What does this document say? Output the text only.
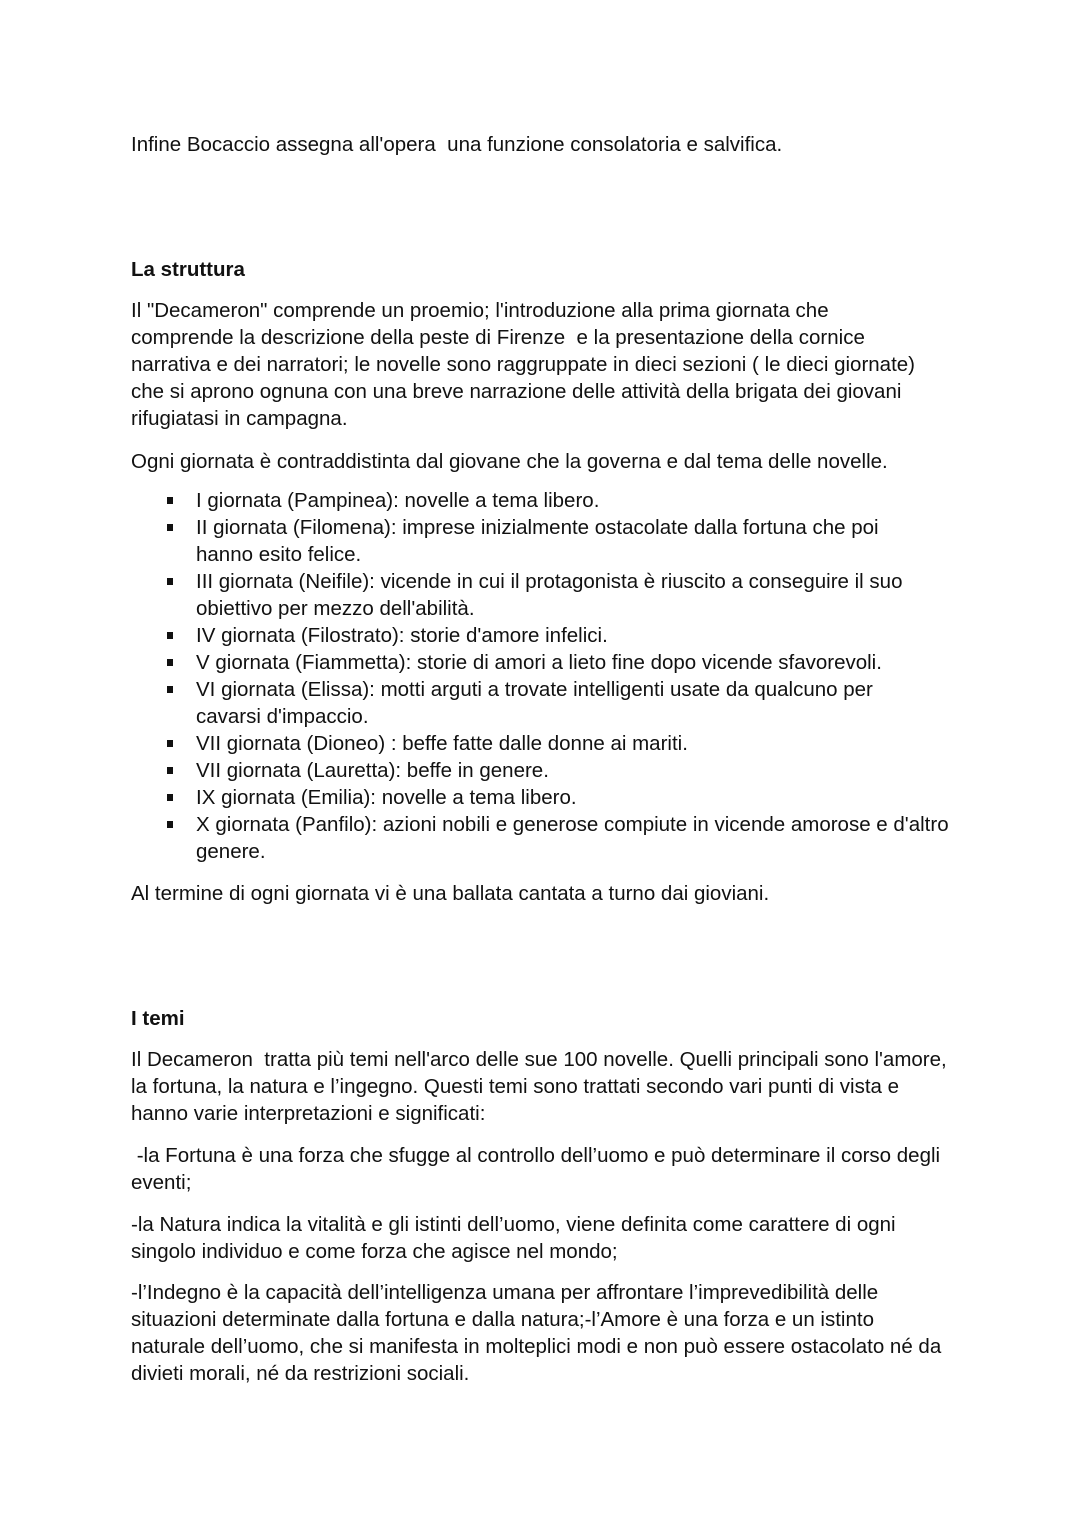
Infine Bocaccio assegna all'opera  una funzione consolatoria e salvifica.

La struttura

Il "Decameron" comprende un proemio; l'introduzione alla prima giornata che comprende la descrizione della peste di Firenze  e la presentazione della cornice narrativa e dei narratori; le novelle sono raggruppate in dieci sezioni ( le dieci giornate) che si aprono ognuna con una breve narrazione delle attività della brigata dei giovani rifugiatasi in campagna.

Ogni giornata è contraddistinta dal giovane che la governa e dal tema delle novelle.

I giornata (Pampinea): novelle a tema libero.
II giornata (Filomena): imprese inizialmente ostacolate dalla fortuna che poi hanno esito felice.
III giornata (Neifile): vicende in cui il protagonista è riuscito a conseguire il suo obiettivo per mezzo dell'abilità.
IV giornata (Filostrato): storie d'amore infelici.
V giornata (Fiammetta): storie di amori a lieto fine dopo vicende sfavorevoli.
VI giornata (Elissa): motti arguti a trovate intelligenti usate da qualcuno per cavarsi d'impaccio.
VII giornata (Dioneo) : beffe fatte dalle donne ai mariti.
VII giornata (Lauretta): beffe in genere.
IX giornata (Emilia): novelle a tema libero.
X giornata (Panfilo): azioni nobili e generose compiute in vicende amorose e d'altro genere.

Al termine di ogni giornata vi è una ballata cantata a turno dai gioviani.

I temi

Il Decameron  tratta più temi nell'arco delle sue 100 novelle. Quelli principali sono l'amore, la fortuna, la natura e l’ingegno. Questi temi sono trattati secondo vari punti di vista e hanno varie interpretazioni e significati:

-la Fortuna è una forza che sfugge al controllo dell’uomo e può determinare il corso degli eventi;

-la Natura indica la vitalità e gli istinti dell’uomo, viene definita come carattere di ogni singolo individuo e come forza che agisce nel mondo;

-l’Indegno è la capacità dell’intelligenza umana per affrontare l’imprevedibilità delle situazioni determinate dalla fortuna e dalla natura;-l’Amore è una forza e un istinto naturale dell’uomo, che si manifesta in molteplici modi e non può essere ostacolato né da divieti morali, né da restrizioni sociali.
